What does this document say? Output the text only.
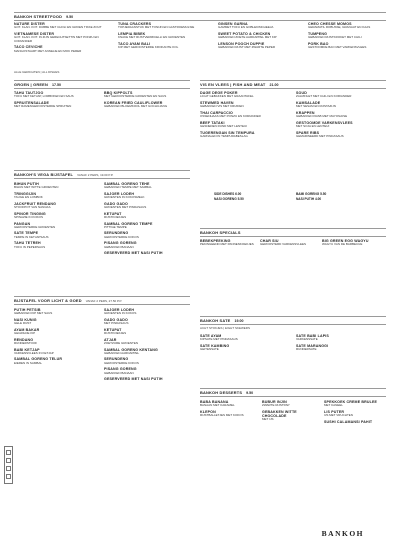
BANKOH STREETFOOD	9.50
NATURE DISTER
GOT. KLAN. KOT. DUBBE MET CHOLI EN GROEN TIKKE ZOUT
VIETNAMESE DISTER
GOT. KLAN. KOT. IN ZIJN GERECHTSETTIN MET PONZU EN CORIANDER
TACO CEVICHE
MANGOSTAART MET ANNELIE EN MOK PERER
TUNA CRACKERS
TOPJERAANSTUK MET TONIJN EN GASTROEMULSIE
LEMPIA BIBEK
KNAKE MET RIJSTVERMICELLI EN GROENTEN
TACO AYAM BALI
KIP MET GEROOSTERDE KROKANTE KOL
GINSEN GARNA
GAMMET TOFU EN GOBLEKIMCHEEJA
SWEET POTATO & CHICKEN
GEBAKKEN ZOETE AARDAPPEL MET KIP
LENSON POOCH DUPPIE
GEBAKKEN RIJST MET ZWARTE PEPER
CHEO CHESSE MOMOS
GERAMATIL ROBUSSE, GRANAAT EN KAAS
TUMPENG
GEBAKKEN RIJSTKROKET MET CHILI
PORK BAO
GESTOOMDE BAO MET VARKENSVLEES
ALLE GERICHTEN | ALL DISHES
GROEN | GREEN	17.50
TAHU TAUTJOO
TOFU MET KETJAP, LOMBOKEN EN SAUS
SPRUITENSALADE
MET RAMENGEROOSTERDE SPRUITEN
BBQ KIPPOLTS
MET GEROOSTERDE GROENTEN EN SAUS
KOREAN FRIED CAULIFLOWER
GEBAKKEN BLOEMKOOL MET GOCHUJANG
VIS EN VLEES | FISH AND MEAT	21.00
DAGE DEGE POKER
LICHT GEBAKKEN MET GRAANTAFEL
STEWMED HAVEN
GEBAKKEN VIS MET KRUIDEN
THAI CARPACCIO
OSSENHAAS MET PONZU EN KORIANDER
BEEF TATAKI
GESNEDEN RUND MET LENTEUI
TUGERENGAN SIN TEMPURA
GARNALEN IN TEMPURABESLAG
SOUD
ZALMFILET MET CHILI EN KORIANDER
KAMSALADE
MET SESAM EN RIJSTAZIJN
KRAPPEN
GEBAKKEN KRAB MET MAYONAISE
GESTOOMDE VARKENSVLEES
MET SOJA EN LENTEUI
SPARE RIBS
GEMARINEERD MET PINDASAUS
SIDE DISHES 6.00
NASI GORENG 5.50
BAMI GORENG 5.50
NASI PUTIH 4.00
BANKOH'S VEGA BIJSTAFEL	VANAF 2 PERS, 19.00 P.P.
BIHUN PUTIH
BIHUN MET WITTE GROENTEN
TRINGGIJIN
TAUGE EN LOMBOK
JACKFRUIT RENDANG
STOOFPOT VAN NANGKA
SPINOR TINGING
SPINAZIE IN KOKOS
PANGAN
GEROOSTERDE GROENTEN
SATE TEMPE
TEMPE IN KETJAPSAUS
TAHU TETREH
TOFU IN PEPERSAUS
SAMBAL GORENG TEHE
GEBAKKEN TEMPE MET SAMBAL
SAJOER LODEH
GROENTEN IN KOKOSMELK
GADO GADO
GROENTEN MET PINDASAUS
KETUPAT
RIJSTKOEKJES
SAMBAL GORENG TEMPE
PITTIGE TEMPE
SERUNDENG
GEROOSTERDE KOKOS
PISANG GORENG
GEBAKKEN BANAAN
GESERVEERD MET NASI PUTIH
BANKOH SPECIALS
BEBEKPEEKING
PEKINGEEND MET PANNENKOEKJES
CHAR SIU
GEROOSTERD VARKENSVLEES
BIG GREEN EGG WAGYU
WAGYU VAN DE BARBECUE
BIJSTAFEL VOOR LICHT & GOED	VANAF 2 PERS, 27.50 P.P.
PUTIH PETSIB
GEBAKKEN KIP MET SAUS
NASI KUNIG
GELE RIJST
AYAM BAKAR
GEGRILDE KIP
RENDANG
RUNDERSTOOF
BABI KETJAP
VARKENSVLEES IN KETJAP
SAMBAL GORENG TELUR
EIEREN IN SAMBAL
SAJOER LODEH
GROENTEN IN KOKOS
GADO GADO
MET PINDASAUS
KETUPAT
RIJSTKOEKJES
ATJAR
ZOETZURE GROENTEN
SAMBAL GORENG KENTANG
GEBAKKEN AARDAPPEL
SERUNDENG
GEROOSTERDE KOKOS
PISANG GORENG
GEBAKKEN BANAAN
GESERVEERD MET NASI PUTIH
BANKOH SATE	19.00
ACHT STOKJES | EIGHT SKEWERS
SATE AYAM
KIPSATE MET PINDASAUS
SATE KAMBING
GEITENSATE
SATE BABI LAPIS
VARKENSSATE
SATE MARANGGI
RUNDERSATE
BANKOH DESSERTS	9.50
BABA BANANA
BANAAN MET KARAMEL
KLEPON
RIJSTBALLETJES MET KOKOS
BUBUR INJIN
ZWARTE RIJSTPAP
GEBAKKEN WITTE CHOCOLADE
MET IJS
SPEKKOEK CREME BRULEE
MET KANEEL
LIS PUTER
IJS MET VRUCHTEN
SUSHI CALAMANSI PAHIT
BANKOH
